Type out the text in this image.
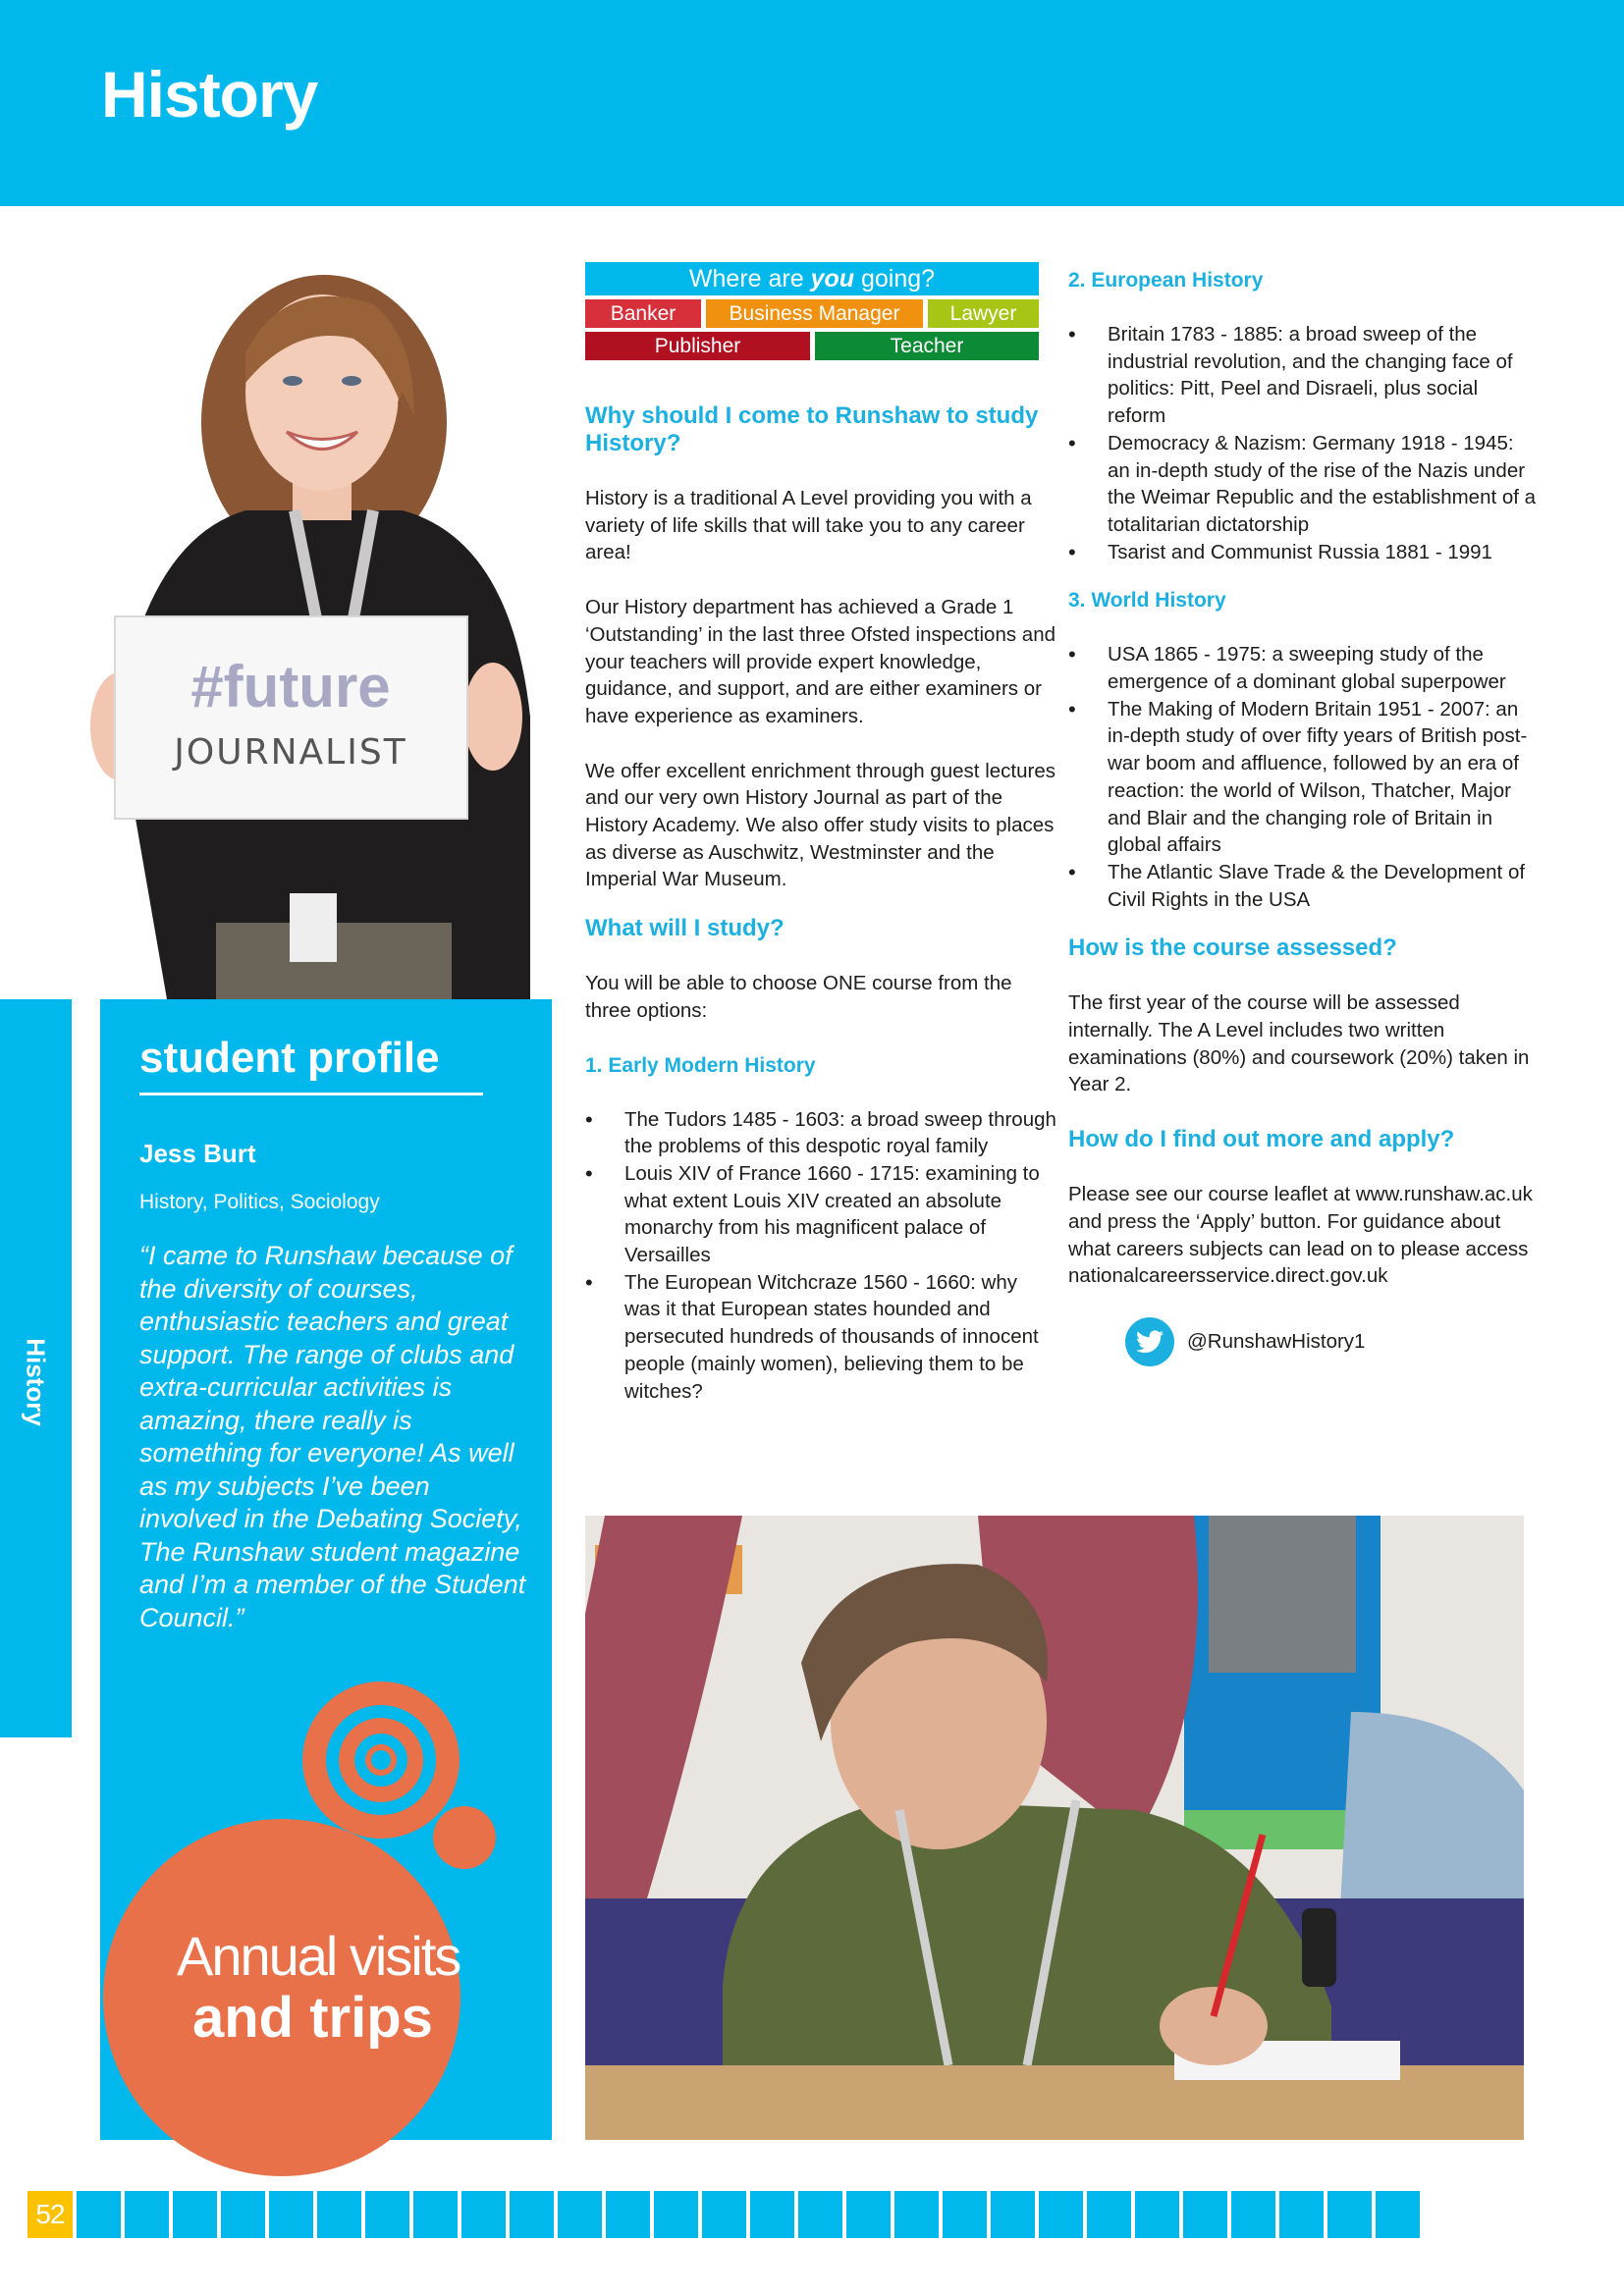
History
#future
JOURNALIST
History
student profile
Jess Burt
History, Politics, Sociology
“I came to Runshaw because of the diversity of courses, enthusiastic teachers and great support. The range of clubs and extra-curricular activities is amazing, there really is something for everyone! As well as my subjects I’ve been involved in the Debating Society, The Runshaw student magazine and I’m a member of the Student Council.”
Annual visits
and trips
Where are you going?
Banker	Business Manager	Lawyer
Publisher	Teacher
Why should I come to Runshaw to study History?

History is a traditional A Level providing you with a variety of life skills that will take you to any career area!

Our History department has achieved a Grade 1 ‘Outstanding’ in the last three Ofsted inspections and your teachers will provide expert knowledge, guidance, and support, and are either examiners or have experience as examiners.

We offer excellent enrichment through guest lectures and our very own History Journal as part of the History Academy. We also offer study visits to places as diverse as Auschwitz, Westminster and the Imperial War Museum.

What will I study?

You will be able to choose ONE course from the three options:

1. Early Modern History
• The Tudors 1485 - 1603: a broad sweep through the problems of this despotic royal family
• Louis XIV of France 1660 - 1715: examining to what extent Louis XIV created an absolute monarchy from his magnificent palace of Versailles
• The European Witchcraze 1560 - 1660: why was it that European states hounded and persecuted hundreds of thousands of innocent people (mainly women), believing them to be witches?
2. European History
• Britain 1783 - 1885: a broad sweep of the industrial revolution, and the changing face of politics: Pitt, Peel and Disraeli, plus social reform
• Democracy & Nazism: Germany 1918 - 1945: an in-depth study of the rise of the Nazis under the Weimar Republic and the establishment of a totalitarian dictatorship
• Tsarist and Communist Russia 1881 - 1991
3. World History
• USA 1865 - 1975: a sweeping study of the emergence of a dominant global superpower
• The Making of Modern Britain 1951 - 2007: an in-depth study of over fifty years of British post-war boom and affluence, followed by an era of reaction: the world of Wilson, Thatcher, Major and Blair and the changing role of Britain in global affairs
• The Atlantic Slave Trade & the Development of Civil Rights in the USA
How is the course assessed?

The first year of the course will be assessed internally. The A Level includes two written examinations (80%) and coursework (20%) taken in Year 2.

How do I find out more and apply?

Please see our course leaflet at www.runshaw.ac.uk and press the ‘Apply’ button. For guidance about what careers subjects can lead on to please access nationalcareersservice.direct.gov.uk

@RunshawHistory1
52
